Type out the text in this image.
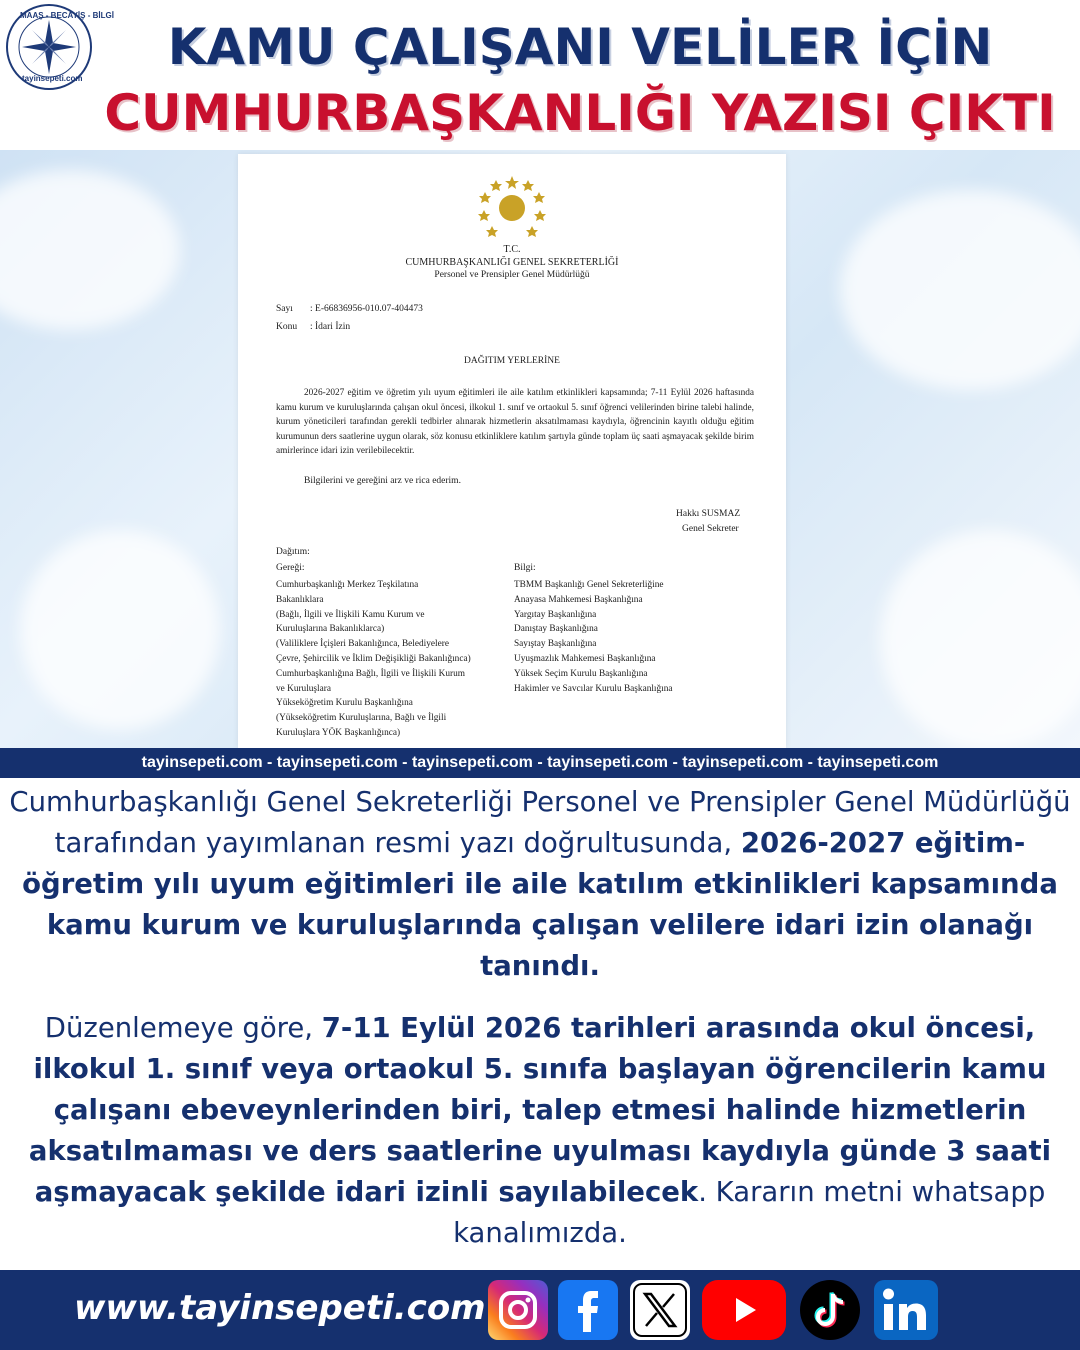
MAAŞ - BECAYİŞ - BİLGİ
tayinsepeti.com
KAMU ÇALIŞANI VELİLER İÇİN
CUMHURBAŞKANLIĞI YAZISI ÇIKTI
T.C.
CUMHURBAŞKANLIĞI GENEL SEKRETERLİĞİ
Personel ve Prensipler Genel Müdürlüğü
Sayı : E-66836956-010.07-404473
Konu : İdari İzin
DAĞITIM YERLERİNE
2026-2027 eğitim ve öğretim yılı uyum eğitimleri ile aile katılım etkinlikleri kapsamında; 7-11 Eylül 2026 haftasında kamu kurum ve kuruluşlarında çalışan okul öncesi, ilkokul 1. sınıf ve ortaokul 5. sınıf öğrenci velilerinden birine talebi halinde, kurum yöneticileri tarafından gerekli tedbirler alınarak hizmetlerin aksatılmaması kaydıyla, öğrencinin kayıtlı olduğu eğitim kurumunun ders saatlerine uygun olarak, söz konusu etkinliklere katılım şartıyla günde toplam üç saati aşmayacak şekilde birim amirlerince idari izin verilebilecektir.
Bilgilerini ve gereğini arz ve rica ederim.
Hakkı SUSMAZ
Genel Sekreter
Dağıtım:
Gereği:	Bilgi:
Cumhurbaşkanlığı Merkez Teşkilatına
Bakanlıklara
(Bağlı, İlgili ve İlişkili Kamu Kurum ve
Kuruluşlarına Bakanlıklarca)
(Valiliklere İçişleri Bakanlığınca, Belediyelere
Çevre, Şehircilik ve İklim Değişikliği Bakanlığınca)
Cumhurbaşkanlığına Bağlı, İlgili ve İlişkili Kurum
ve Kuruluşlara
Yükseköğretim Kurulu Başkanlığına
(Yükseköğretim Kuruluşlarına, Bağlı ve İlgili
Kuruluşlara YÖK Başkanlığınca)
TBMM Başkanlığı Genel Sekreterliğine
Anayasa Mahkemesi Başkanlığına
Yargıtay Başkanlığına
Danıştay Başkanlığına
Sayıştay Başkanlığına
Uyuşmazlık Mahkemesi Başkanlığına
Yüksek Seçim Kurulu Başkanlığına
Hakimler ve Savcılar Kurulu Başkanlığına
tayinsepeti.com - tayinsepeti.com - tayinsepeti.com - tayinsepeti.com - tayinsepeti.com - tayinsepeti.com

Cumhurbaşkanlığı Genel Sekreterliği Personel ve Prensipler Genel Müdürlüğü tarafından yayımlanan resmi yazı doğrultusunda, 2026-2027 eğitim-öğretim yılı uyum eğitimleri ile aile katılım etkinlikleri kapsamında kamu kurum ve kuruluşlarında çalışan velilere idari izin olanağı tanındı.

Düzenlemeye göre, 7-11 Eylül 2026 tarihleri arasında okul öncesi, ilkokul 1. sınıf veya ortaokul 5. sınıfa başlayan öğrencilerin kamu çalışanı ebeveynlerinden biri, talep etmesi halinde hizmetlerin aksatılmaması ve ders saatlerine uyulması kaydıyla günde 3 saati aşmayacak şekilde idari izinli sayılabilecek. Kararın metni whatsapp kanalımızda.

www.tayinsepeti.com
